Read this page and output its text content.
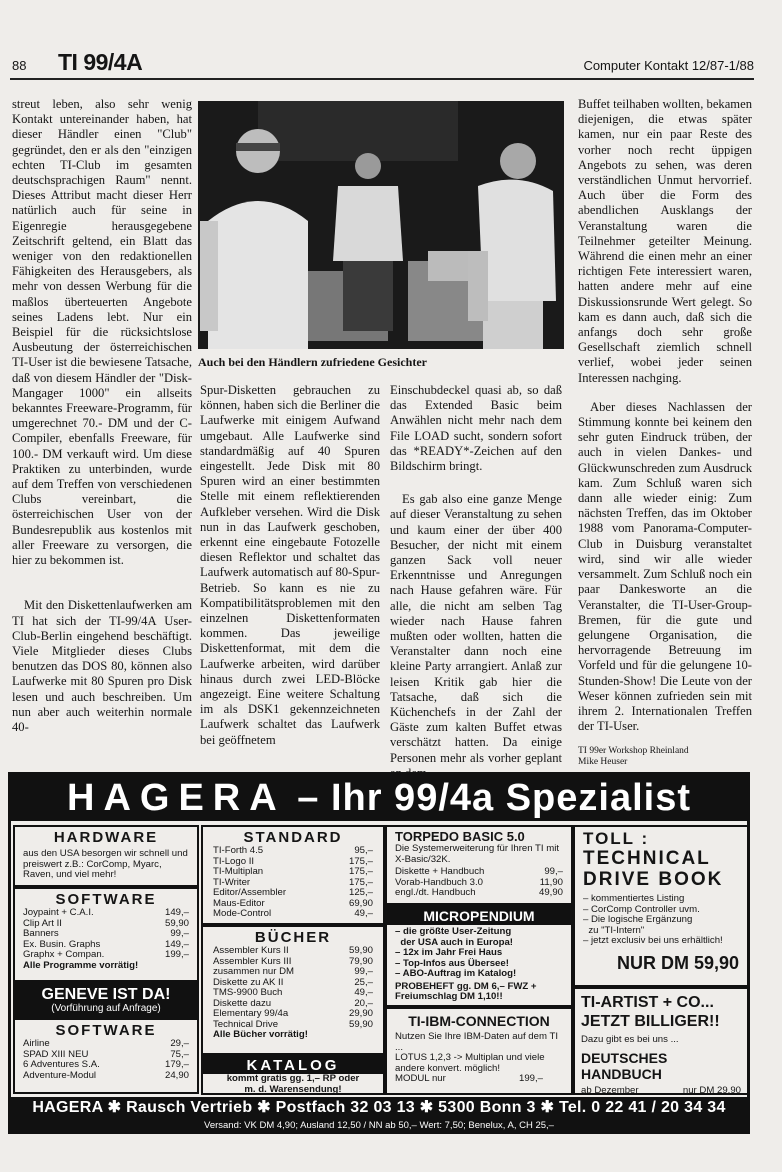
88 TI 99/4A	Computer Kontakt 12/87-1/88

streut leben, also sehr wenig Kontakt untereinander haben, hat dieser Händler einen "Club" gegründet, den er als den "einzigen echten TI-Club im gesamten deutschsprachigen Raum" nennt. Dieses Attribut macht dieser Herr natürlich auch für seine in Eigenregie herausgegebene Zeitschrift geltend, ein Blatt das weniger von den redaktionellen Fähigkeiten des Herausgebers, als mehr von dessen Werbung für die maßlos überteuerten Angebote seines Ladens lebt. Nur ein Beispiel für die rücksichtslose Ausbeutung der österreichischen TI-User ist die bewiesene Tatsache, daß von diesem Händler der "Disk-Mangager 1000" ein allseits bekanntes Freeware-Programm, für umgerechnet 70.- DM und der C-Compiler, ebenfalls Freeware, für 100.- DM verkauft wird. Um diese Praktiken zu unterbinden, wurde auf dem Treffen von verschiedenen Clubs vereinbart, die österreichischen User von der Bundesrepublik aus kostenlos mit aller Freeware zu versorgen, die hier zu bekommen ist.

Mit den Diskettenlaufwerken am TI hat sich der TI-99/4A User-Club-Berlin eingehend beschäftigt. Viele Mitglieder dieses Clubs benutzen das DOS 80, können also Laufwerke mit 80 Spuren pro Disk lesen und auch beschreiben. Um nun aber auch weiterhin normale 40-

Auch bei den Händlern zufriedene Gesichter

Spur-Disketten gebrauchen zu können, haben sich die Berliner die Laufwerke mit einigem Aufwand umgebaut. Alle Laufwerke sind standardmäßig auf 40 Spuren eingestellt. Jede Disk mit 80 Spuren wird an einer bestimmten Stelle mit einem reflektierenden Aufkleber versehen. Wird die Disk nun in das Laufwerk geschoben, erkennt eine eingebaute Fotozelle diesen Reflektor und schaltet das Laufwerk automatisch auf 80-Spur-Betrieb. So kann es nie zu Kompatibilitätsproblemen mit den einzelnen Diskettenformaten kommen. Das jeweilige Diskettenformat, mit dem die Laufwerke arbeiten, wird darüber hinaus durch zwei LED-Blöcke angezeigt. Eine weitere Schaltung im als DSK1 gekennzeichneten Laufwerk schaltet das Laufwerk bei geöffnetem

Einschubdeckel quasi ab, so daß das Extended Basic beim Anwählen nicht mehr nach dem File LOAD sucht, sondern sofort das *READY*-Zeichen auf den Bildschirm bringt.

Es gab also eine ganze Menge auf dieser Veranstaltung zu sehen und kaum einer der über 400 Besucher, der nicht mit einem ganzen Sack voll neuer Erkenntnisse und Anregungen nach Hause gefahren wäre. Für alle, die nicht am selben Tag wieder nach Hause fahren mußten oder wollten, hatten die Veranstalter dann noch eine kleine Party arrangiert. Anlaß zur leisen Kritik gab hier die Tatsache, daß sich die Küchenchefs in der Zahl der Gäste zum kalten Buffet etwas verschätzt hatten. Da einige Personen mehr als vorher geplant

Buffet teilhaben wollten, bekamen diejenigen, die etwas später kamen, nur ein paar Reste des vorher noch recht üppigen Angebots zu sehen, was deren verständlichen Unmut hervorrief. Auch über die Form des abendlichen Ausklangs der Veranstaltung waren die Teilnehmer geteilter Meinung. Während die einen mehr an einer richtigen Fete interessiert waren, hatten andere mehr auf eine Diskussionsrunde Wert gelegt. So kam es dann auch, daß sich die anfangs doch sehr große Gesellschaft ziemlich schnell verlief, wobei jeder seinen Interessen nachging.

Aber dieses Nachlassen der Stimmung konnte bei keinem den sehr guten Eindruck trüben, der auch in vielen Dankes- und Glückwunschreden zum Ausdruck kam. Zum Schluß waren sich dann alle wieder einig: Zum nächsten Treffen, das im Oktober 1988 vom Panorama-Computer-Club in Duisburg veranstaltet wird, sind wir alle wieder versammelt. Zum Schluß noch ein paar Dankesworte an die Veranstalter, die TI-User-Group-Bremen, für die gute und gelungene Organisation, die hervorragende Betreuung im Vorfeld und für die gelungene 10-Stunden-Show! Die Leute von der Weser können zufrieden sein mit ihrem 2. Internationalen Treffen der TI-User.

TI 99er Workshop Rheinland
Mike Heuser
HAGERA
– Ihr 99/4a Spezialist
HARDWARE
aus den USA besorgen wir schnell und preiswert z.B.: CorComp, Myarc, Raven, und viel mehr!
SOFTWARE
Joypaint + C.A.I.	149,–
Clip Art II	59,90
Banners	99,–
Ex. Busin. Graphs	149,–
Graphx + Compan.	199,–
Alle Programme vorrätig!
GENEVE IST DA!
(Vorführung auf Anfrage)
SOFTWARE
Airline	29,–
SPAD XIII NEU	75,–
6 Adventures S.A.	179,–
Adventure-Modul	24,90
STANDARD
TI-Forth 4.5	95,–
TI-Logo II	175,–
TI-Multiplan	175,–
TI-Writer	175,–
Editor/Assembler	125,–
Maus-Editor	69,90
Mode-Control	49,–
BÜCHER
Assembler Kurs II	59,90
Assembler Kurs III	79,90
zusammen nur DM	99,–
Diskette zu AK II	25,–
TMS-9900 Buch	49,–
Diskette dazu	20,–
Elementary 99/4a	29,90
Technical Drive	59,90
Alle Bücher vorrätig!
KATALOG
kommt gratis gg. 1,– RP oder
m. d. Warensendung!
TORPEDO BASIC 5.0
Die Systemerweiterung für Ihren TI mit X-Basic/32K.
Diskette + Handbuch	99,–
Vorab-Handbuch 3.0	11,90
engl./dt. Handbuch	49,90
MICROPENDIUM
– die größte User-Zeitung
der USA auch in Europa!
– 12x im Jahr Frei Haus
– Top-Infos aus Übersee!
– ABO-Auftrag im Katalog!
PROBEHEFT gg. DM 6,– FWZ +
Freiumschlag DM 1,10!!
TI-IBM-CONNECTION
Nutzen Sie Ihre IBM-Daten auf dem TI ...
LOTUS 1,2,3 -> Multiplan und viele andere konvert. möglich!
MODUL nur	199,–
TOLL :
TECHNICAL
DRIVE BOOK
– kommentiertes Listing
– CorComp Controller uvm.
– Die logische Ergänzung
zu "TI-Intern"
– jetzt exclusiv bei uns erhältlich!
NUR DM 59,90
TI-ARTIST + CO...
JETZT BILLIGER!!
Dazu gibt es bei uns ...
DEUTSCHES HANDBUCH
ab Dezember	nur DM 29,90
HAGERA ✱ Rausch Vertrieb ✱ Postfach 32 03 13 ✱ 5300 Bonn 3 ✱ Tel. 0 22 41 / 20 34 34
Versand: VK DM 4,90; Ausland 12,50 / NN ab 50,– Wert: 7,50; Benelux, A, CH 25,–
